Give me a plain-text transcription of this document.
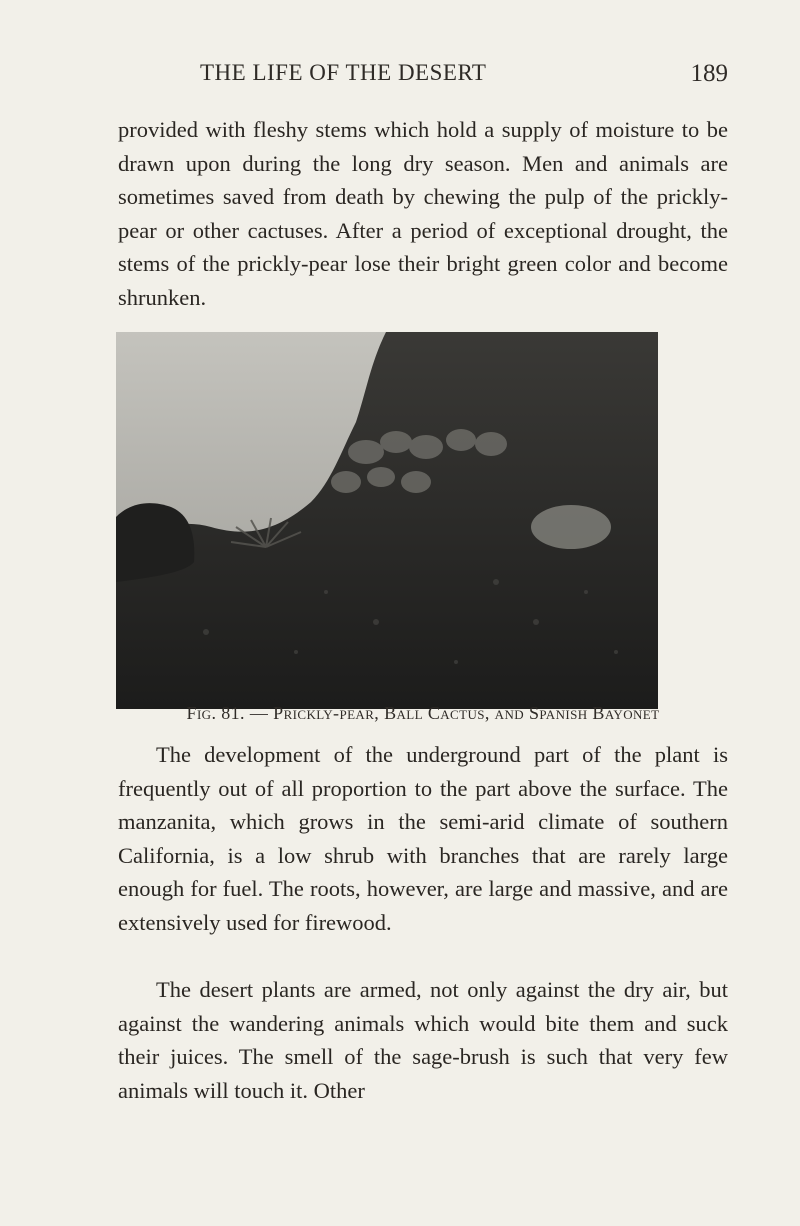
THE LIFE OF THE DESERT	189

provided with fleshy stems which hold a supply of moisture to be drawn upon during the long dry season. Men and animals are sometimes saved from death by chewing the pulp of the prickly-pear or other cactuses. After a period of exceptional drought, the stems of the prickly-pear lose their bright green color and become shrunken.

Fig. 81. — Prickly-pear, Ball Cactus, and Spanish Bayonet

The development of the underground part of the plant is frequently out of all proportion to the part above the surface. The manzanita, which grows in the semi-arid climate of southern California, is a low shrub with branches that are rarely large enough for fuel. The roots, however, are large and massive, and are extensively used for firewood.

The desert plants are armed, not only against the dry air, but against the wandering animals which would bite them and suck their juices. The smell of the sage-brush is such that very few animals will touch it. Other
